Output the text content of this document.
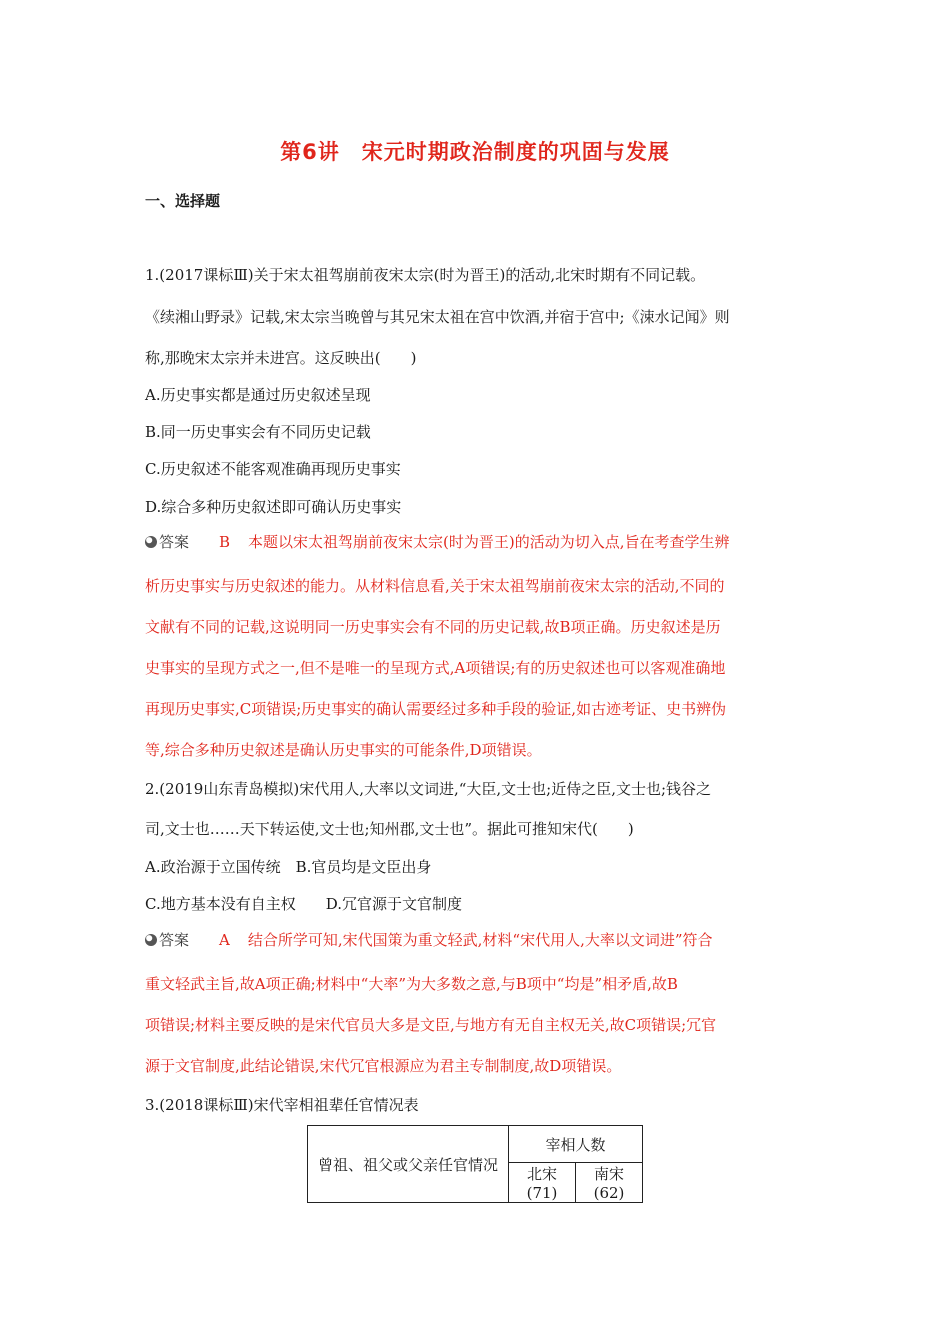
第6讲　宋元时期政治制度的巩固与发展
一、选择题
1.(2017课标Ⅲ)关于宋太祖驾崩前夜宋太宗(时为晋王)的活动,北宋时期有不同记载。
《续湘山野录》记载,宋太宗当晚曾与其兄宋太祖在宫中饮酒,并宿于宫中;《涑水记闻》则
称,那晚宋太宗并未进宫。这反映出(　　)
A.历史事实都是通过历史叙述呈现
B.同一历史事实会有不同历史记载
C.历史叙述不能客观准确再现历史事实
D.综合多种历史叙述即可确认历史事实
答案 B 本题以宋太祖驾崩前夜宋太宗(时为晋王)的活动为切入点,旨在考查学生辨
析历史事实与历史叙述的能力。从材料信息看,关于宋太祖驾崩前夜宋太宗的活动,不同的
文献有不同的记载,这说明同一历史事实会有不同的历史记载,故B项正确。历史叙述是历
史事实的呈现方式之一,但不是唯一的呈现方式,A项错误;有的历史叙述也可以客观准确地
再现历史事实,C项错误;历史事实的确认需要经过多种手段的验证,如古迹考证、史书辨伪
等,综合多种历史叙述是确认历史事实的可能条件,D项错误。
2.(2019山东青岛模拟)宋代用人,大率以文词进,“大臣,文士也;近侍之臣,文士也;钱谷之
司,文士也……天下转运使,文士也;知州郡,文士也”。据此可推知宋代(　　)
A.政治源于立国传统　B.官员均是文臣出身
C.地方基本没有自主权　　D.冗官源于文官制度
答案 A 结合所学可知,宋代国策为重文轻武,材料“宋代用人,大率以文词进”符合
重文轻武主旨,故A项正确;材料中“大率”为大多数之意,与B项中“均是”相矛盾,故B
项错误;材料主要反映的是宋代官员大多是文臣,与地方有无自主权无关,故C项错误;冗官
源于文官制度,此结论错误,宋代冗官根源应为君主专制制度,故D项错误。
3.(2018课标Ⅲ)宋代宰相祖辈任官情况表
曾祖、祖父或父亲任官情况	宰相人数	
	北宋(71)	南宋(62)
